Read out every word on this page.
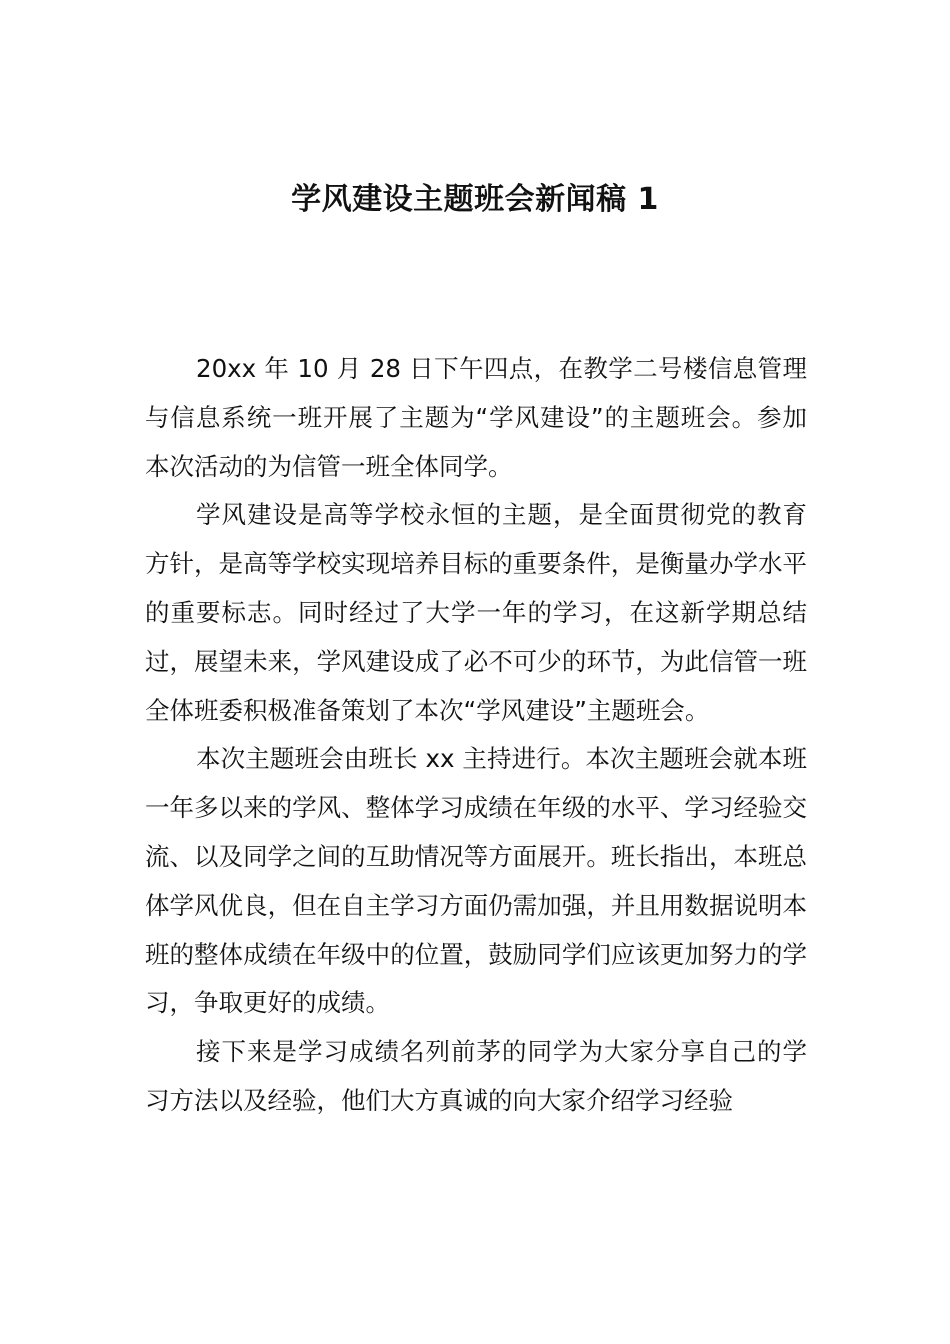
学风建设主题班会新闻稿 1

20xx 年 10 月 28 日下午四点，在教学二号楼信息管理与信息系统一班开展了主题为“学风建设”的主题班会。参加本次活动的为信管一班全体同学。

学风建设是高等学校永恒的主题，是全面贯彻党的教育方针，是高等学校实现培养目标的重要条件，是衡量办学水平的重要标志。同时经过了大学一年的学习，在这新学期总结过，展望未来，学风建设成了必不可少的环节，为此信管一班全体班委积极准备策划了本次“学风建设”主题班会。

本次主题班会由班长 xx 主持进行。本次主题班会就本班一年多以来的学风、整体学习成绩在年级的水平、学习经验交流、以及同学之间的互助情况等方面展开。班长指出，本班总体学风优良，但在自主学习方面仍需加强，并且用数据说明本班的整体成绩在年级中的位置，鼓励同学们应该更加努力的学习，争取更好的成绩。

接下来是学习成绩名列前茅的同学为大家分享自己的学习方法以及经验，他们大方真诚的向大家介绍学习经验
